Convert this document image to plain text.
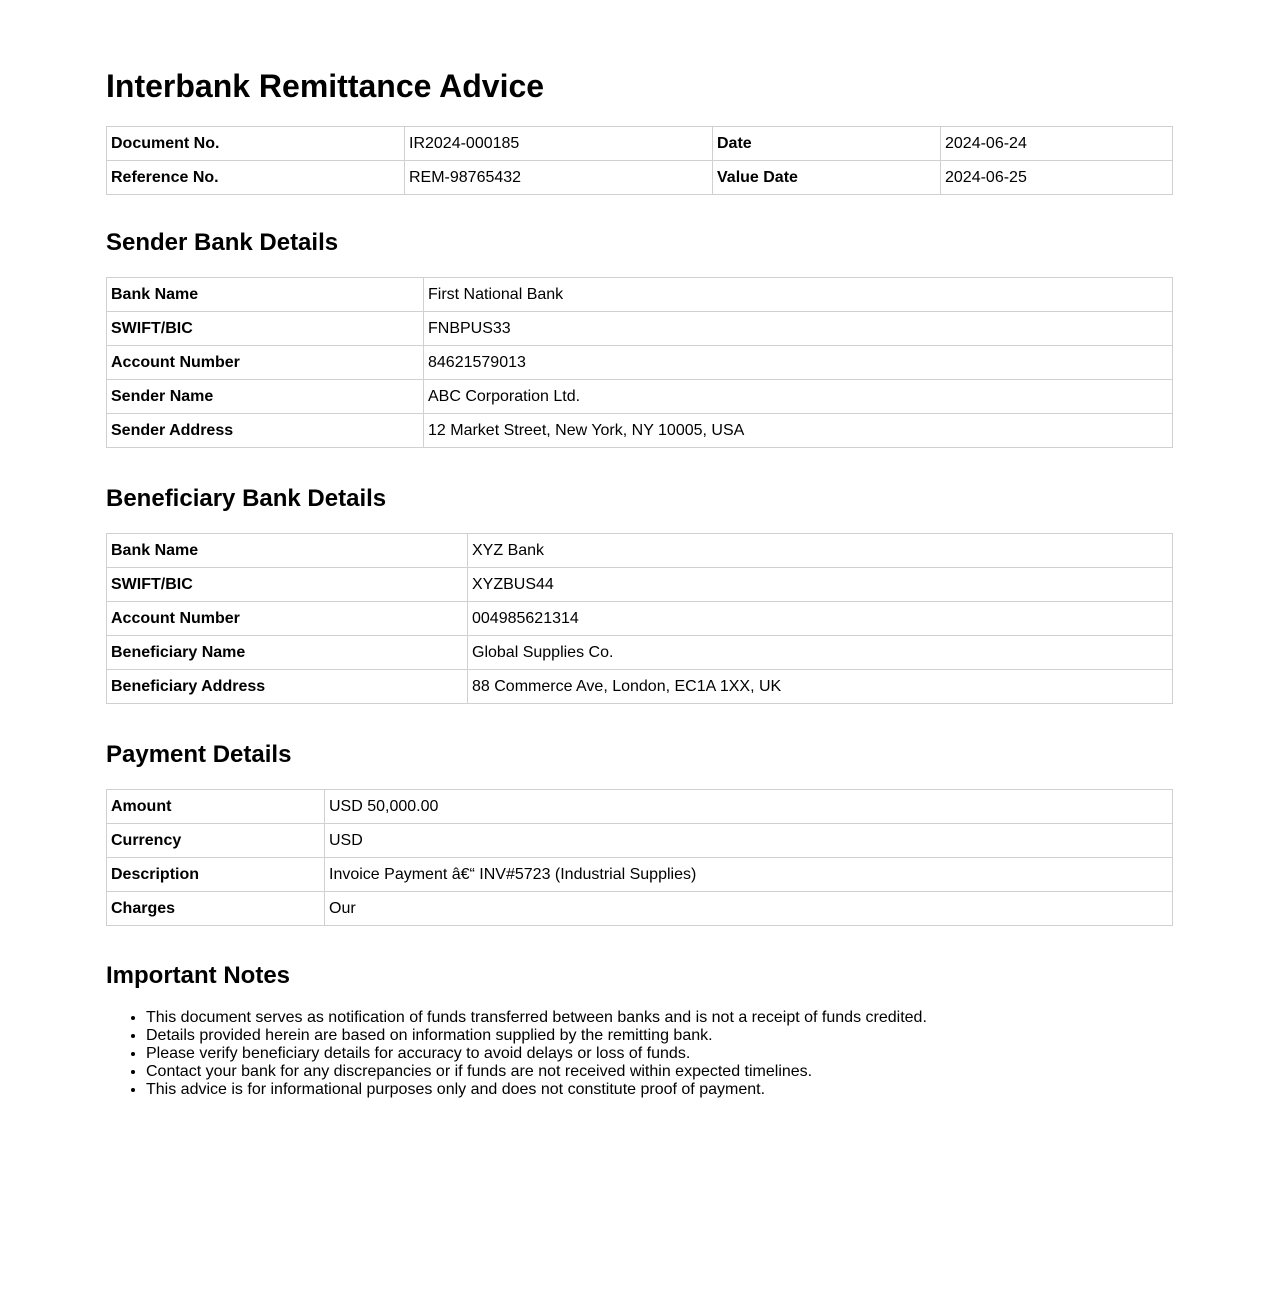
Interbank Remittance Advice
Document No.	IR2024-000185	Date	2024-06-24
Reference No.	REM-98765432	Value Date	2024-06-25
Sender Bank Details
Bank Name	First National Bank
SWIFT/BIC	FNBPUS33
Account Number	84621579013
Sender Name	ABC Corporation Ltd.
Sender Address	12 Market Street, New York, NY 10005, USA
Beneficiary Bank Details
Bank Name	XYZ Bank
SWIFT/BIC	XYZBUS44
Account Number	004985621314
Beneficiary Name	Global Supplies Co.
Beneficiary Address	88 Commerce Ave, London, EC1A 1XX, UK
Payment Details
Amount	USD 50,000.00
Currency	USD
Description	Invoice Payment â€“ INV#5723 (Industrial Supplies)
Charges	Our
Important Notes
• This document serves as notification of funds transferred between banks and is not a receipt of funds credited.
• Details provided herein are based on information supplied by the remitting bank.
• Please verify beneficiary details for accuracy to avoid delays or loss of funds.
• Contact your bank for any discrepancies or if funds are not received within expected timelines.
• This advice is for informational purposes only and does not constitute proof of payment.
